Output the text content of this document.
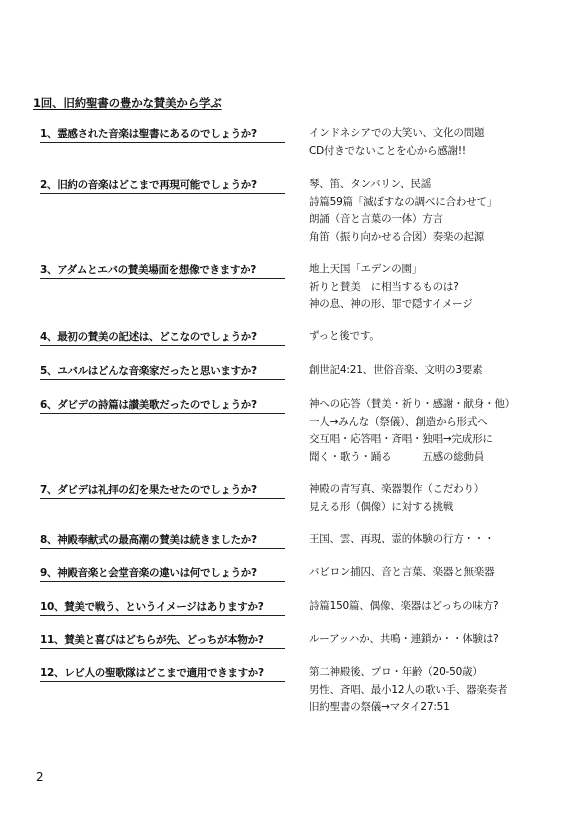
1回、旧約聖書の豊かな賛美から学ぶ
1、霊感された音楽は聖書にあるのでしょうか?	インドネシアでの大笑い、文化の問題
CD付きでないことを心から感謝!!
2、旧約の音楽はどこまで再現可能でしょうか?	琴、笛、タンバリン、民謡
詩篇59篇「滅ぼすなの調べに合わせて」
朗誦（音と言葉の一体）方言
角笛（振り向かせる合図）奏楽の起源
3、アダムとエバの賛美場面を想像できますか?	地上天国「エデンの園」
祈りと賛美　に相当するものは?
神の息、神の形、罪で隠すイメージ
4、最初の賛美の記述は、どこなのでしょうか?	ずっと後です。
5、ユバルはどんな音楽家だったと思いますか?	創世記4:21、世俗音楽、文明の3要素
6、ダビデの詩篇は讃美歌だったのでしょうか?	神への応答（賛美・祈り・感謝・献身・他）
一人→みんな（祭儀）、創造から形式へ
交互唱・応答唱・斉唱・独唱→完成形に
聞く・歌う・踊る　　　五感の総動員
7、ダビデは礼拝の幻を果たせたのでしょうか?	神殿の青写真、楽器製作（こだわり）
見える形（偶像）に対する挑戦
8、神殿奉献式の最高潮の賛美は続きましたか?	王国、雲、再現、霊的体験の行方・・・
9、神殿音楽と会堂音楽の違いは何でしょうか?	バビロン捕囚、音と言葉、楽器と無楽器
10、賛美で戦う、というイメージはありますか?	詩篇150篇、偶像、楽器はどっちの味方?
11、賛美と喜びはどちらが先、どっちが本物か?	ルーアッハか、共鳴・連鎖か・・体験は?
12、レビ人の聖歌隊はどこまで適用できますか?	第二神殿後、プロ・年齢（20-50歳）
男性、斉唱、最小12人の歌い手、器楽奏者
旧約聖書の祭儀→マタイ27:51
2
